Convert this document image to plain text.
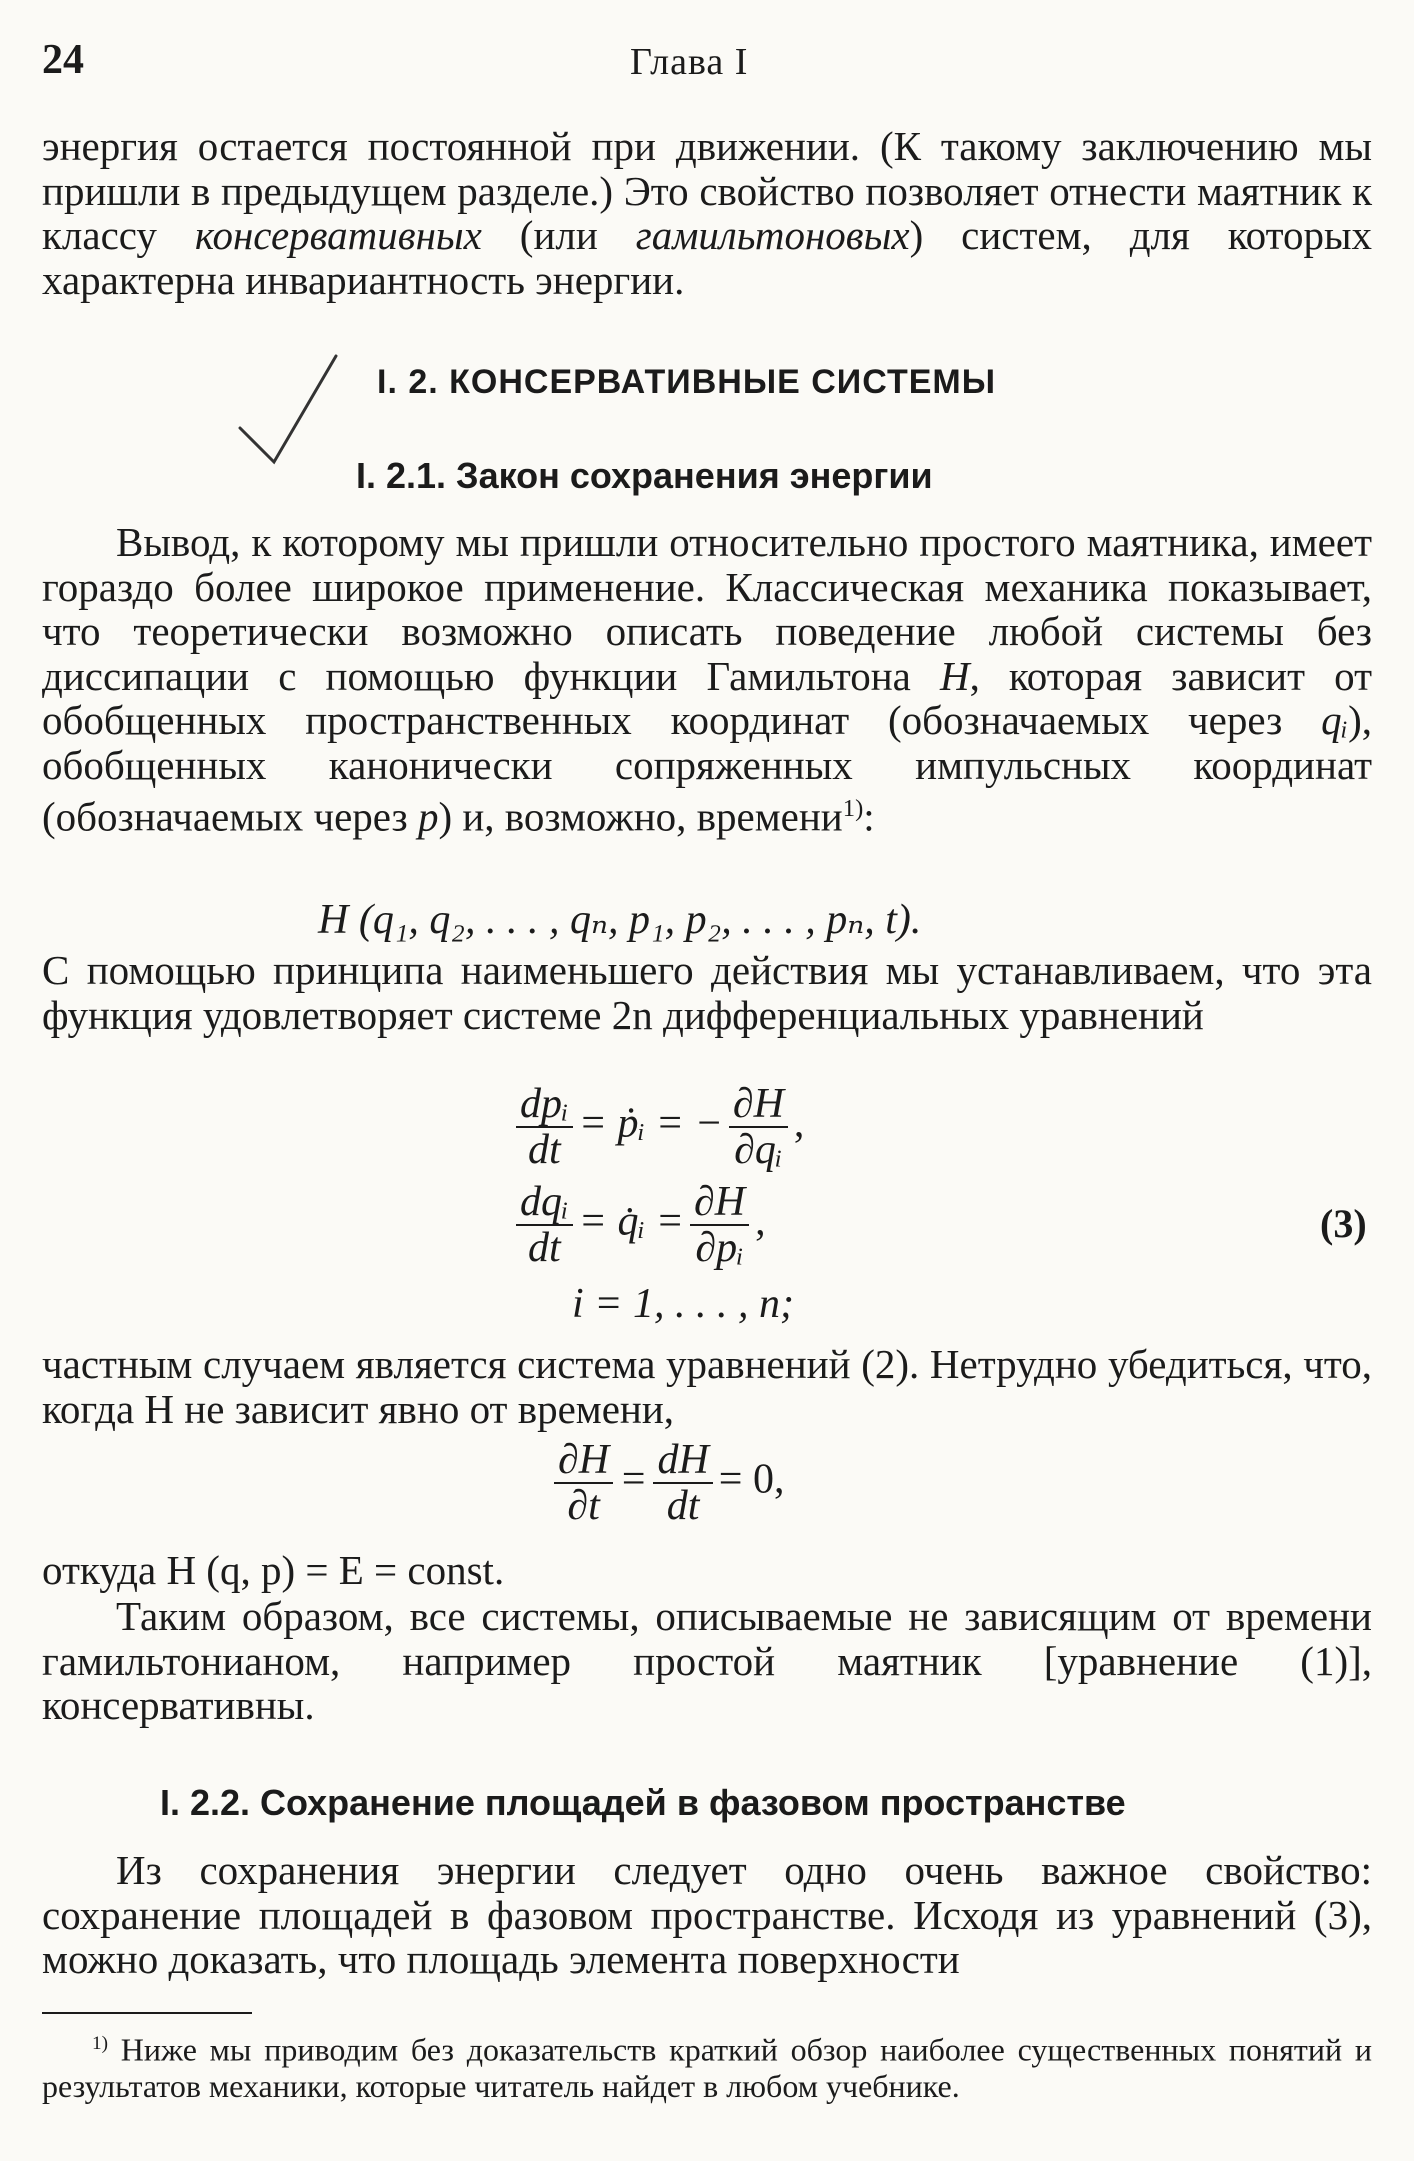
24	Глава I
энергия остается постоянной при движении. (К такому заключению мы пришли в предыдущем разделе.) Это свойство позволяет отнести маятник к классу консервативных (или гамильтоновых) систем, для которых характерна инвариантность энергии.
I. 2. КОНСЕРВАТИВНЫЕ СИСТЕМЫ
I. 2.1. Закон сохранения энергии
Вывод, к которому мы пришли относительно простого маятника, имеет гораздо более широкое применение. Классическая механика показывает, что теоретически возможно описать поведение любой системы без диссипации с помощью функции Гамильтона H, которая зависит от обобщенных пространственных координат (обозначаемых через qᵢ), обобщенных канонически сопряженных импульсных координат (обозначаемых через p) и, возможно, времени$^{1)}$:
H (q₁, q₂, . . . , qₙ, p₁, p₂, . . . , pₙ, t).
С помощью принципа наименьшего действия мы устанавливаем, что эта функция удовлетворяет системе 2n дифференциальных уравнений
$\frac{\text{dpᵢ}}{dt}$ = ṗᵢ = − $\frac{\partial H}{\text{∂qᵢ}}$ ,
$\frac{\text{dqᵢ}}{dt}$ = q̇ᵢ = $\frac{\partial H}{\text{∂pᵢ}}$ ,	(3)
i = 1, . . . , n;
частным случаем является система уравнений (2). Нетрудно убедиться, что, когда H не зависит явно от времени,
$\frac{\partial H}{\partial t} = \frac{dH}{dt} = 0$,
откуда H (q, p) = E = const.
Таким образом, все системы, описываемые не зависящим от времени гамильтонианом, например простой маятник [уравнение (1)], консервативны.
I. 2.2. Сохранение площадей в фазовом пространстве
Из сохранения энергии следует одно очень важное свойство: сохранение площадей в фазовом пространстве. Исходя из уравнений (3), можно доказать, что площадь элемента поверхности
$^{1)}$ Ниже мы приводим без доказательств краткий обзор наиболее существенных понятий и результатов механики, которые читатель найдет в любом учебнике.
